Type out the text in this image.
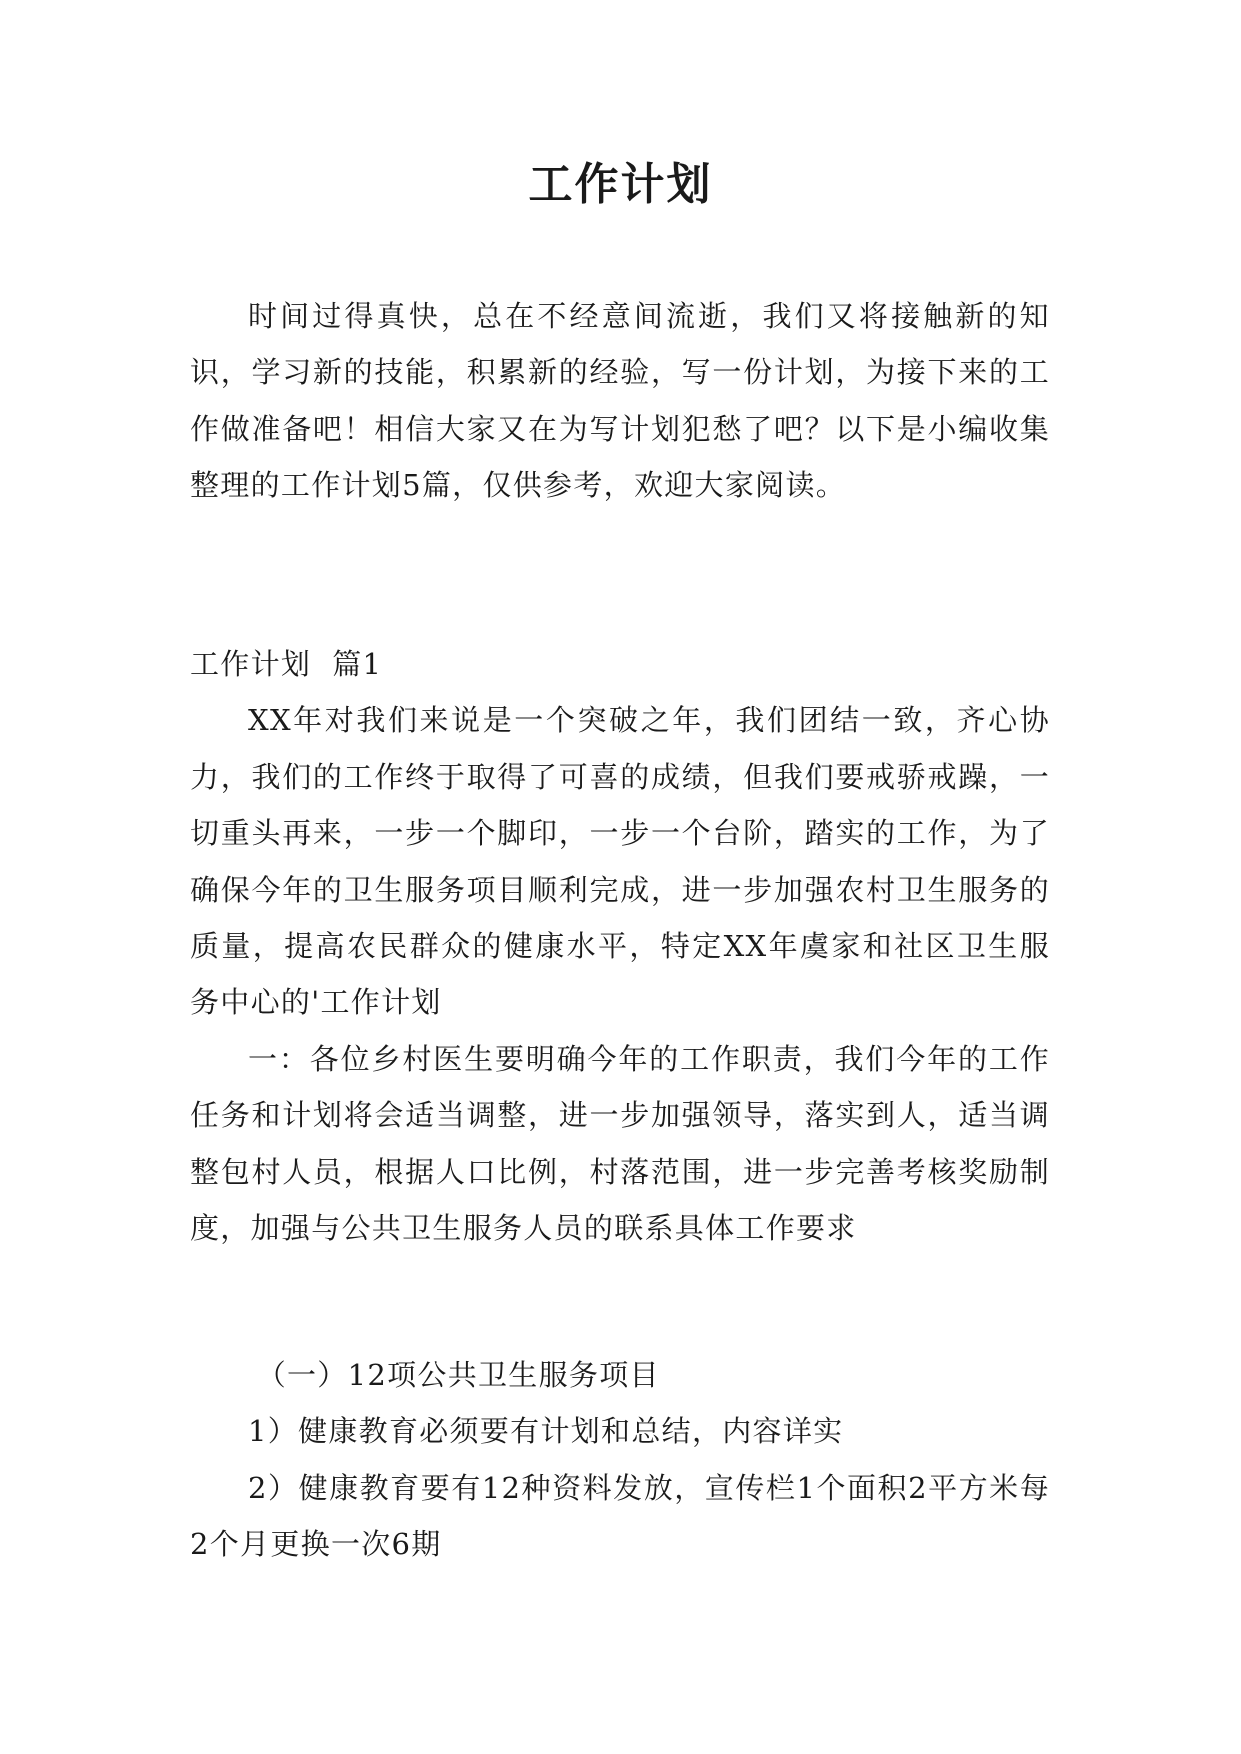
工作计划

时间过得真快，总在不经意间流逝，我们又将接触新的知识，学习新的技能，积累新的经验，写一份计划，为接下来的工作做准备吧！相信大家又在为写计划犯愁了吧？以下是小编收集整理的工作计划5篇，仅供参考，欢迎大家阅读。

工作计划  篇1

XX年对我们来说是一个突破之年，我们团结一致，齐心协力，我们的工作终于取得了可喜的成绩，但我们要戒骄戒躁，一切重头再来，一步一个脚印，一步一个台阶，踏实的工作，为了确保今年的卫生服务项目顺利完成，进一步加强农村卫生服务的质量，提高农民群众的健康水平，特定XX年虞家和社区卫生服务中心的'工作计划

一：各位乡村医生要明确今年的工作职责，我们今年的工作任务和计划将会适当调整，进一步加强领导，落实到人，适当调整包村人员，根据人口比例，村落范围，进一步完善考核奖励制度，加强与公共卫生服务人员的联系具体工作要求

（一）12项公共卫生服务项目

1）健康教育必须要有计划和总结，内容详实

2）健康教育要有12种资料发放，宣传栏1个面积2平方米每2个月更换一次6期
